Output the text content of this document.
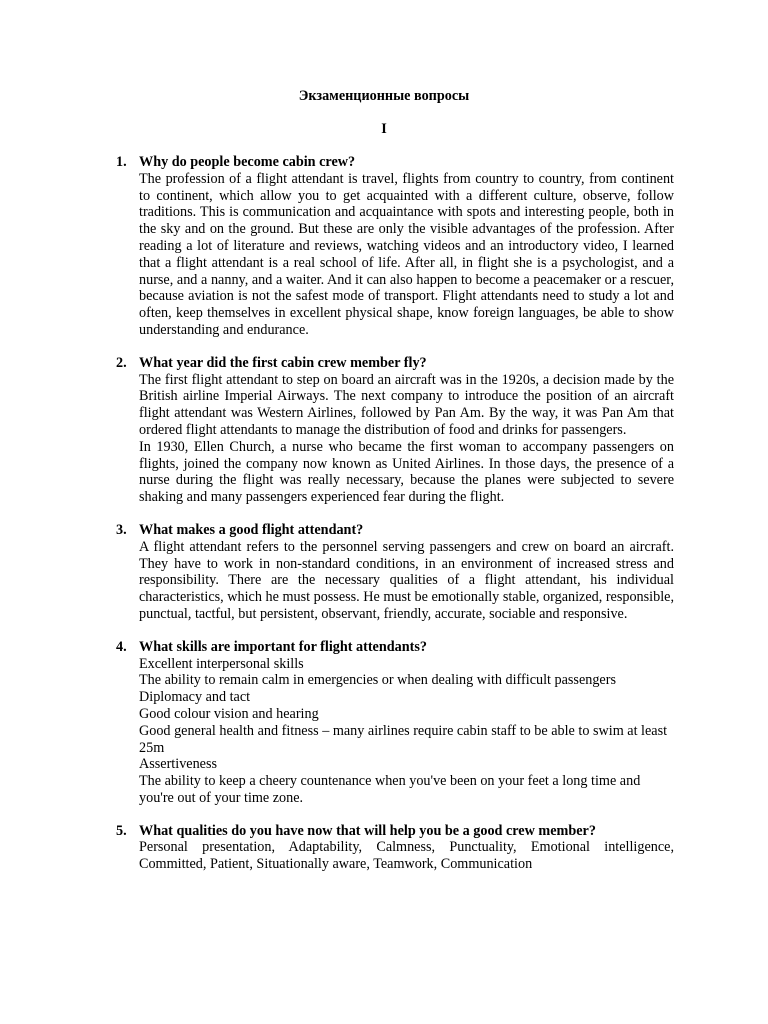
Экзаменционные вопросы
I
1. Why do people become cabin crew?

The profession of a flight attendant is travel, flights from country to country, from continent to continent, which allow you to get acquainted with a different culture, observe, follow traditions. This is communication and acquaintance with spots and interesting people, both in the sky and on the ground. But these are only the visible advantages of the profession. After reading a lot of literature and reviews, watching videos and an introductory video, I learned that a flight attendant is a real school of life. After all, in flight she is a psychologist, and a nurse, and a nanny, and a waiter. And it can also happen to become a peacemaker or a rescuer, because aviation is not the safest mode of transport. Flight attendants need to study a lot and often, keep themselves in excellent physical shape, know foreign languages, be able to show understanding and endurance.

2. What year did the first cabin crew member fly?

The first flight attendant to step on board an aircraft was in the 1920s, a decision made by the British airline Imperial Airways. The next company to introduce the position of an aircraft flight attendant was Western Airlines, followed by Pan Am. By the way, it was Pan Am that ordered flight attendants to manage the distribution of food and drinks for passengers.

In 1930, Ellen Church, a nurse who became the first woman to accompany passengers on flights, joined the company now known as United Airlines. In those days, the presence of a nurse during the flight was really necessary, because the planes were subjected to severe shaking and many passengers experienced fear during the flight.

3. What makes a good flight attendant?

A flight attendant refers to the personnel serving passengers and crew on board an aircraft. They have to work in non-standard conditions, in an environment of increased stress and responsibility. There are the necessary qualities of a flight attendant, his individual characteristics, which he must possess. He must be emotionally stable, organized, responsible, punctual, tactful, but persistent, observant, friendly, accurate, sociable and responsive.

4. What skills are important for flight attendants?

Excellent interpersonal skills

The ability to remain calm in emergencies or when dealing with difficult passengers

Diplomacy and tact

Good colour vision and hearing

Good general health and fitness – many airlines require cabin staff to be able to swim at least 25m

Assertiveness

The ability to keep a cheery countenance when you've been on your feet a long time and you're out of your time zone.

5. What qualities do you have now that will help you be a good crew member?

Personal presentation, Adaptability, Calmness, Punctuality, Emotional intelligence, Committed, Patient, Situationally aware, Teamwork, Communication
